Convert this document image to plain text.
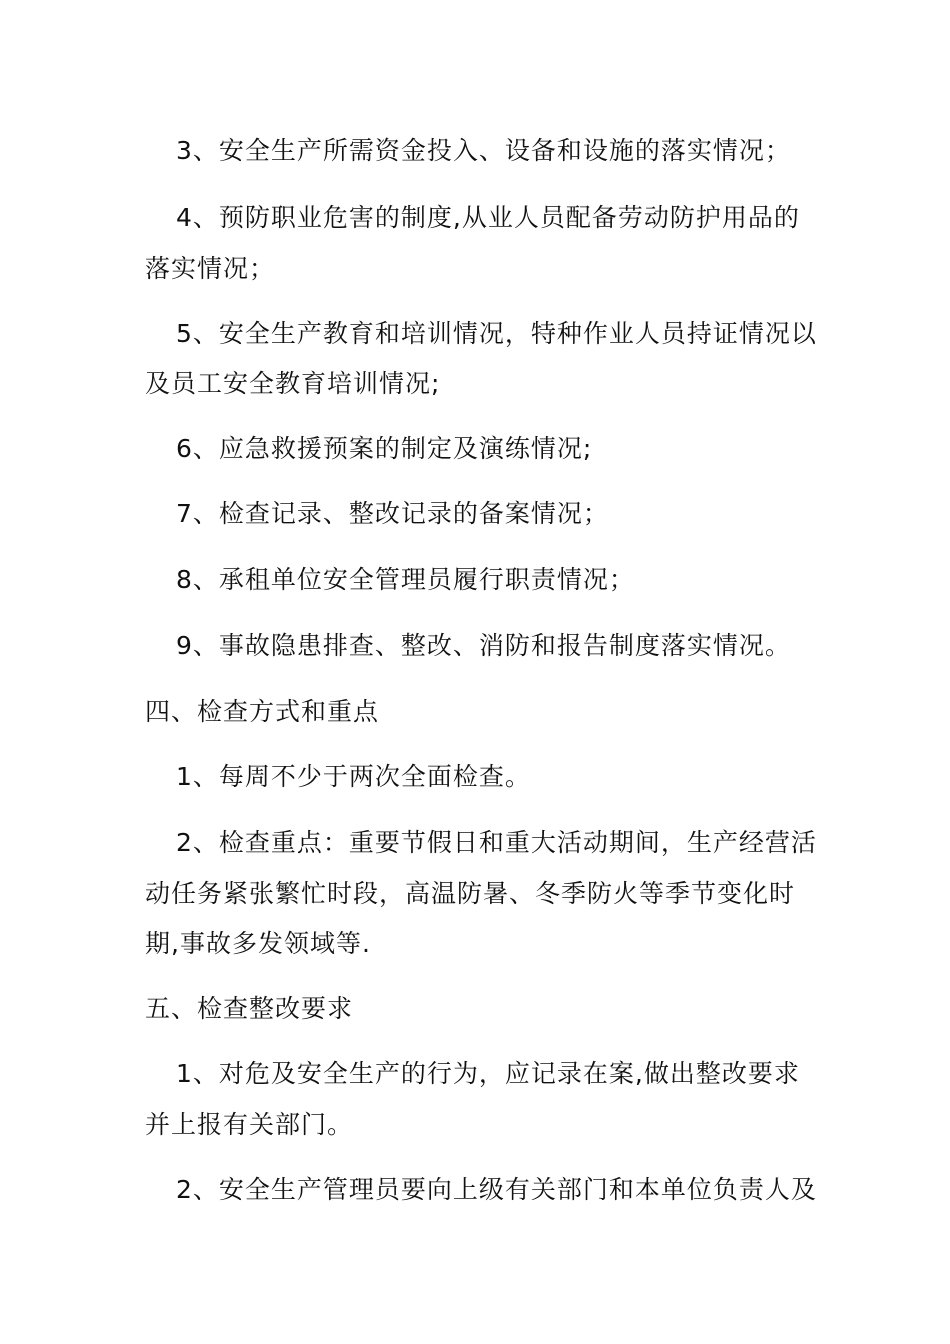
3、安全生产所需资金投入、设备和设施的落实情况；
4、预防职业危害的制度,从业人员配备劳动防护用品的
落实情况；
5、安全生产教育和培训情况，特种作业人员持证情况以
及员工安全教育培训情况;
6、应急救援预案的制定及演练情况;
7、检查记录、整改记录的备案情况；
8、承租单位安全管理员履行职责情况；
9、事故隐患排查、整改、消防和报告制度落实情况。
四、检查方式和重点
1、每周不少于两次全面检查。
2、检查重点：重要节假日和重大活动期间，生产经营活
动任务紧张繁忙时段，高温防暑、冬季防火等季节变化时
期,事故多发领域等.
五、检查整改要求
1、对危及安全生产的行为，应记录在案,做出整改要求
并上报有关部门。
2、安全生产管理员要向上级有关部门和本单位负责人及
